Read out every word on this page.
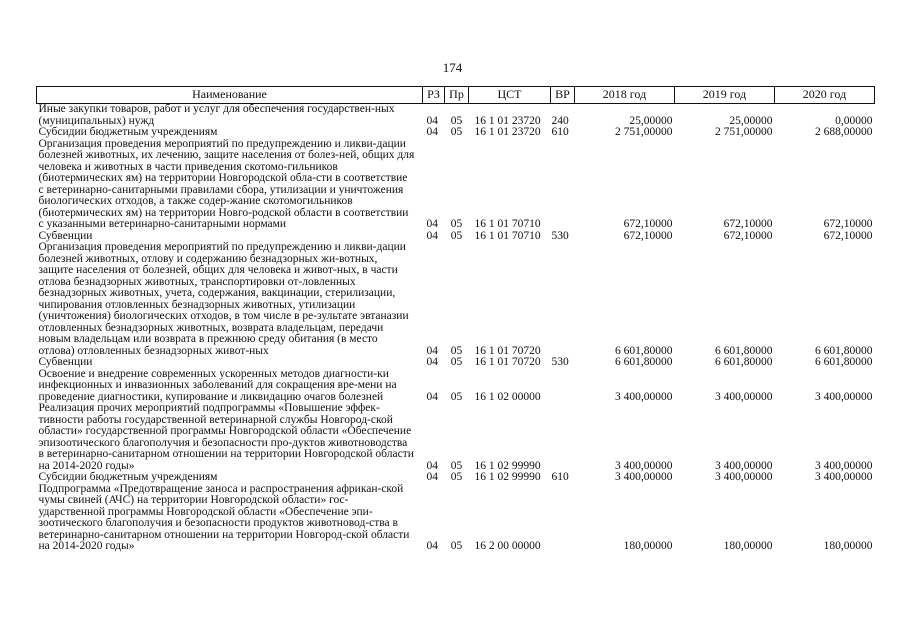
174
Наименование	РЗ	Пр	ЦСТ	ВР	2018 год	2019 год	2020 год
Иные закупки товаров, работ и услуг для обеспечения государствен-ных (муниципальных) нужд	04	05	16 1 01 23720	240	25,00000	25,00000	0,00000
Субсидии бюджетным учреждениям	04	05	16 1 01 23720	610	2 751,00000	2 751,00000	2 688,00000
Организация проведения мероприятий по предупреждению и ликви-дации болезней животных, их лечению, защите населения от болез-ней, общих для человека и животных в части приведения скотомо-гильников (биотермических ям) на территории Новгородской обла-сти в соответствие с ветеринарно-санитарными правилами сбора, утилизации и уничтожения биологических отходов, а также содер-жание скотомогильников (биотермических ям) на территории Новго-родской области в соответствии с указанными ветеринарно-санитарными нормами	04	05	16 1 01 70710		672,10000	672,10000	672,10000
Субвенции	04	05	16 1 01 70710	530	672,10000	672,10000	672,10000
Организация проведения мероприятий по предупреждению и ликви-дации болезней животных, отлову и содержанию безнадзорных жи-вотных, защите населения от болезней, общих для человека и живот-ных, в части отлова безнадзорных животных, транспортировки от-ловленных безнадзорных животных, учета, содержания, вакцинации, стерилизации, чипирования отловленных безнадзорных животных, утилизации (уничтожения) биологических отходов, в том числе в ре-зультате эвтаназии отловленных безнадзорных животных, возврата владельцам, передачи новым владельцам или возврата в прежнюю среду обитания (в место отлова) отловленных безнадзорных живот-ных	04	05	16 1 01 70720		6 601,80000	6 601,80000	6 601,80000
Субвенции	04	05	16 1 01 70720	530	6 601,80000	6 601,80000	6 601,80000
Освоение и внедрение современных ускоренных методов диагности-ки инфекционных и инвазионных заболеваний для сокращения вре-мени на проведение диагностики, купирование и ликвидацию очагов болезней	04	05	16 1 02 00000		3 400,00000	3 400,00000	3 400,00000
Реализация прочих мероприятий подпрограммы «Повышение эффек-тивности работы государственной ветеринарной службы Новгород-ской области» государственной программы Новгородской области «Обеспечение эпизоотического благополучия и безопасности про-дуктов животноводства в ветеринарно-санитарном отношении на территории Новгородской области на 2014-2020 годы»	04	05	16 1 02 99990		3 400,00000	3 400,00000	3 400,00000
Субсидии бюджетным учреждениям	04	05	16 1 02 99990	610	3 400,00000	3 400,00000	3 400,00000
Подпрограмма «Предотвращение заноса и распространения африкан-ской чумы свиней (АЧС) на территории Новгородской области» гос-ударственной программы Новгородской области «Обеспечение эпи-зоотического благополучия и безопасности продуктов животновод-ства в ветеринарно-санитарном отношении на территории Новгород-ской области на 2014-2020 годы»	04	05	16 2 00 00000		180,00000	180,00000	180,00000
